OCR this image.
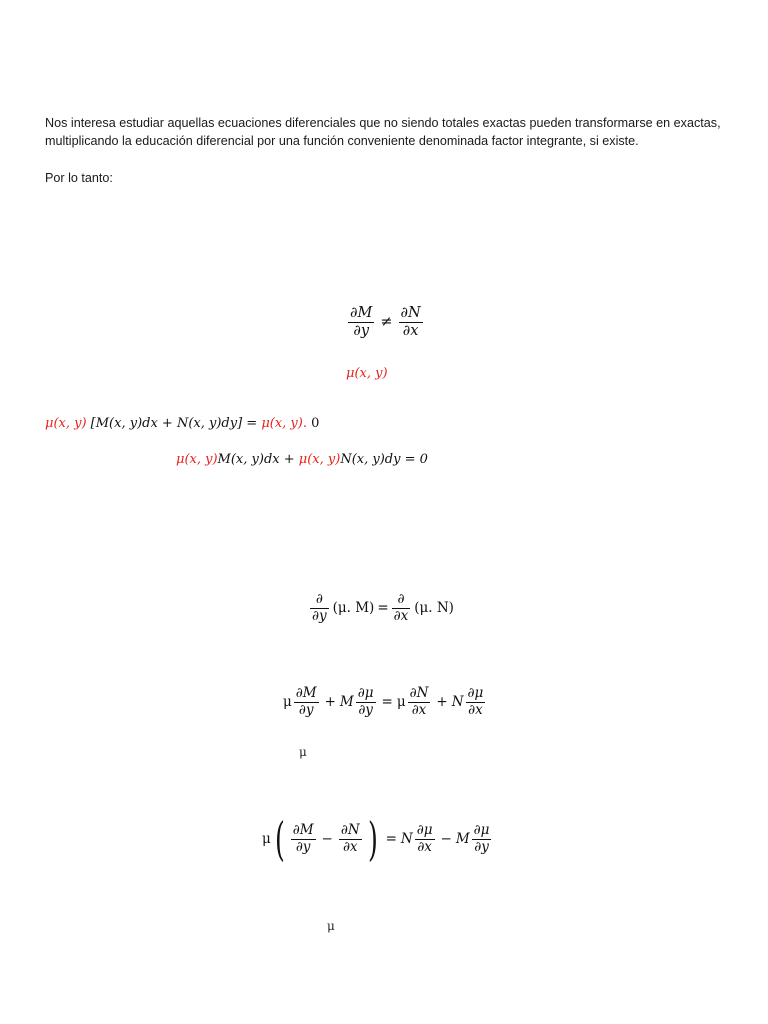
Nos interesa estudiar aquellas ecuaciones diferenciales que no siendo totales exactas pueden transformarse en exactas, multiplicando la educación diferencial por una función conveniente denominada factor integrante, si existe.
Por lo tanto:
$\frac{\partial M}{\partial y} \ne \frac{\partial N}{\partial x}$
μ(x, y)
μ(x, y) [M(x, y)dx + N(x, y)dy] = μ(x, y). 0
μ(x, y)M(x, y)dx + μ(x, y)N(x, y)dy = 0
$\frac{\partial}{\partial y} (\mu$. $M) = \frac{\partial}{\partial x} (\mu$. N)
μ $\frac{\partial M}{\partial y} + M \frac{\partial\mu}{\partial y} = \mu \frac{\partial N}{\partial x} + N \frac{\partial\mu}{\partial x}$
μ
$\mu( \frac{\partial M}{\partial y} - \frac{\partial N}{\partial x}$ ) = N $\frac{\partial\mu}{\partial x} - M \frac{\partial\mu}{\partial y}$
μ
